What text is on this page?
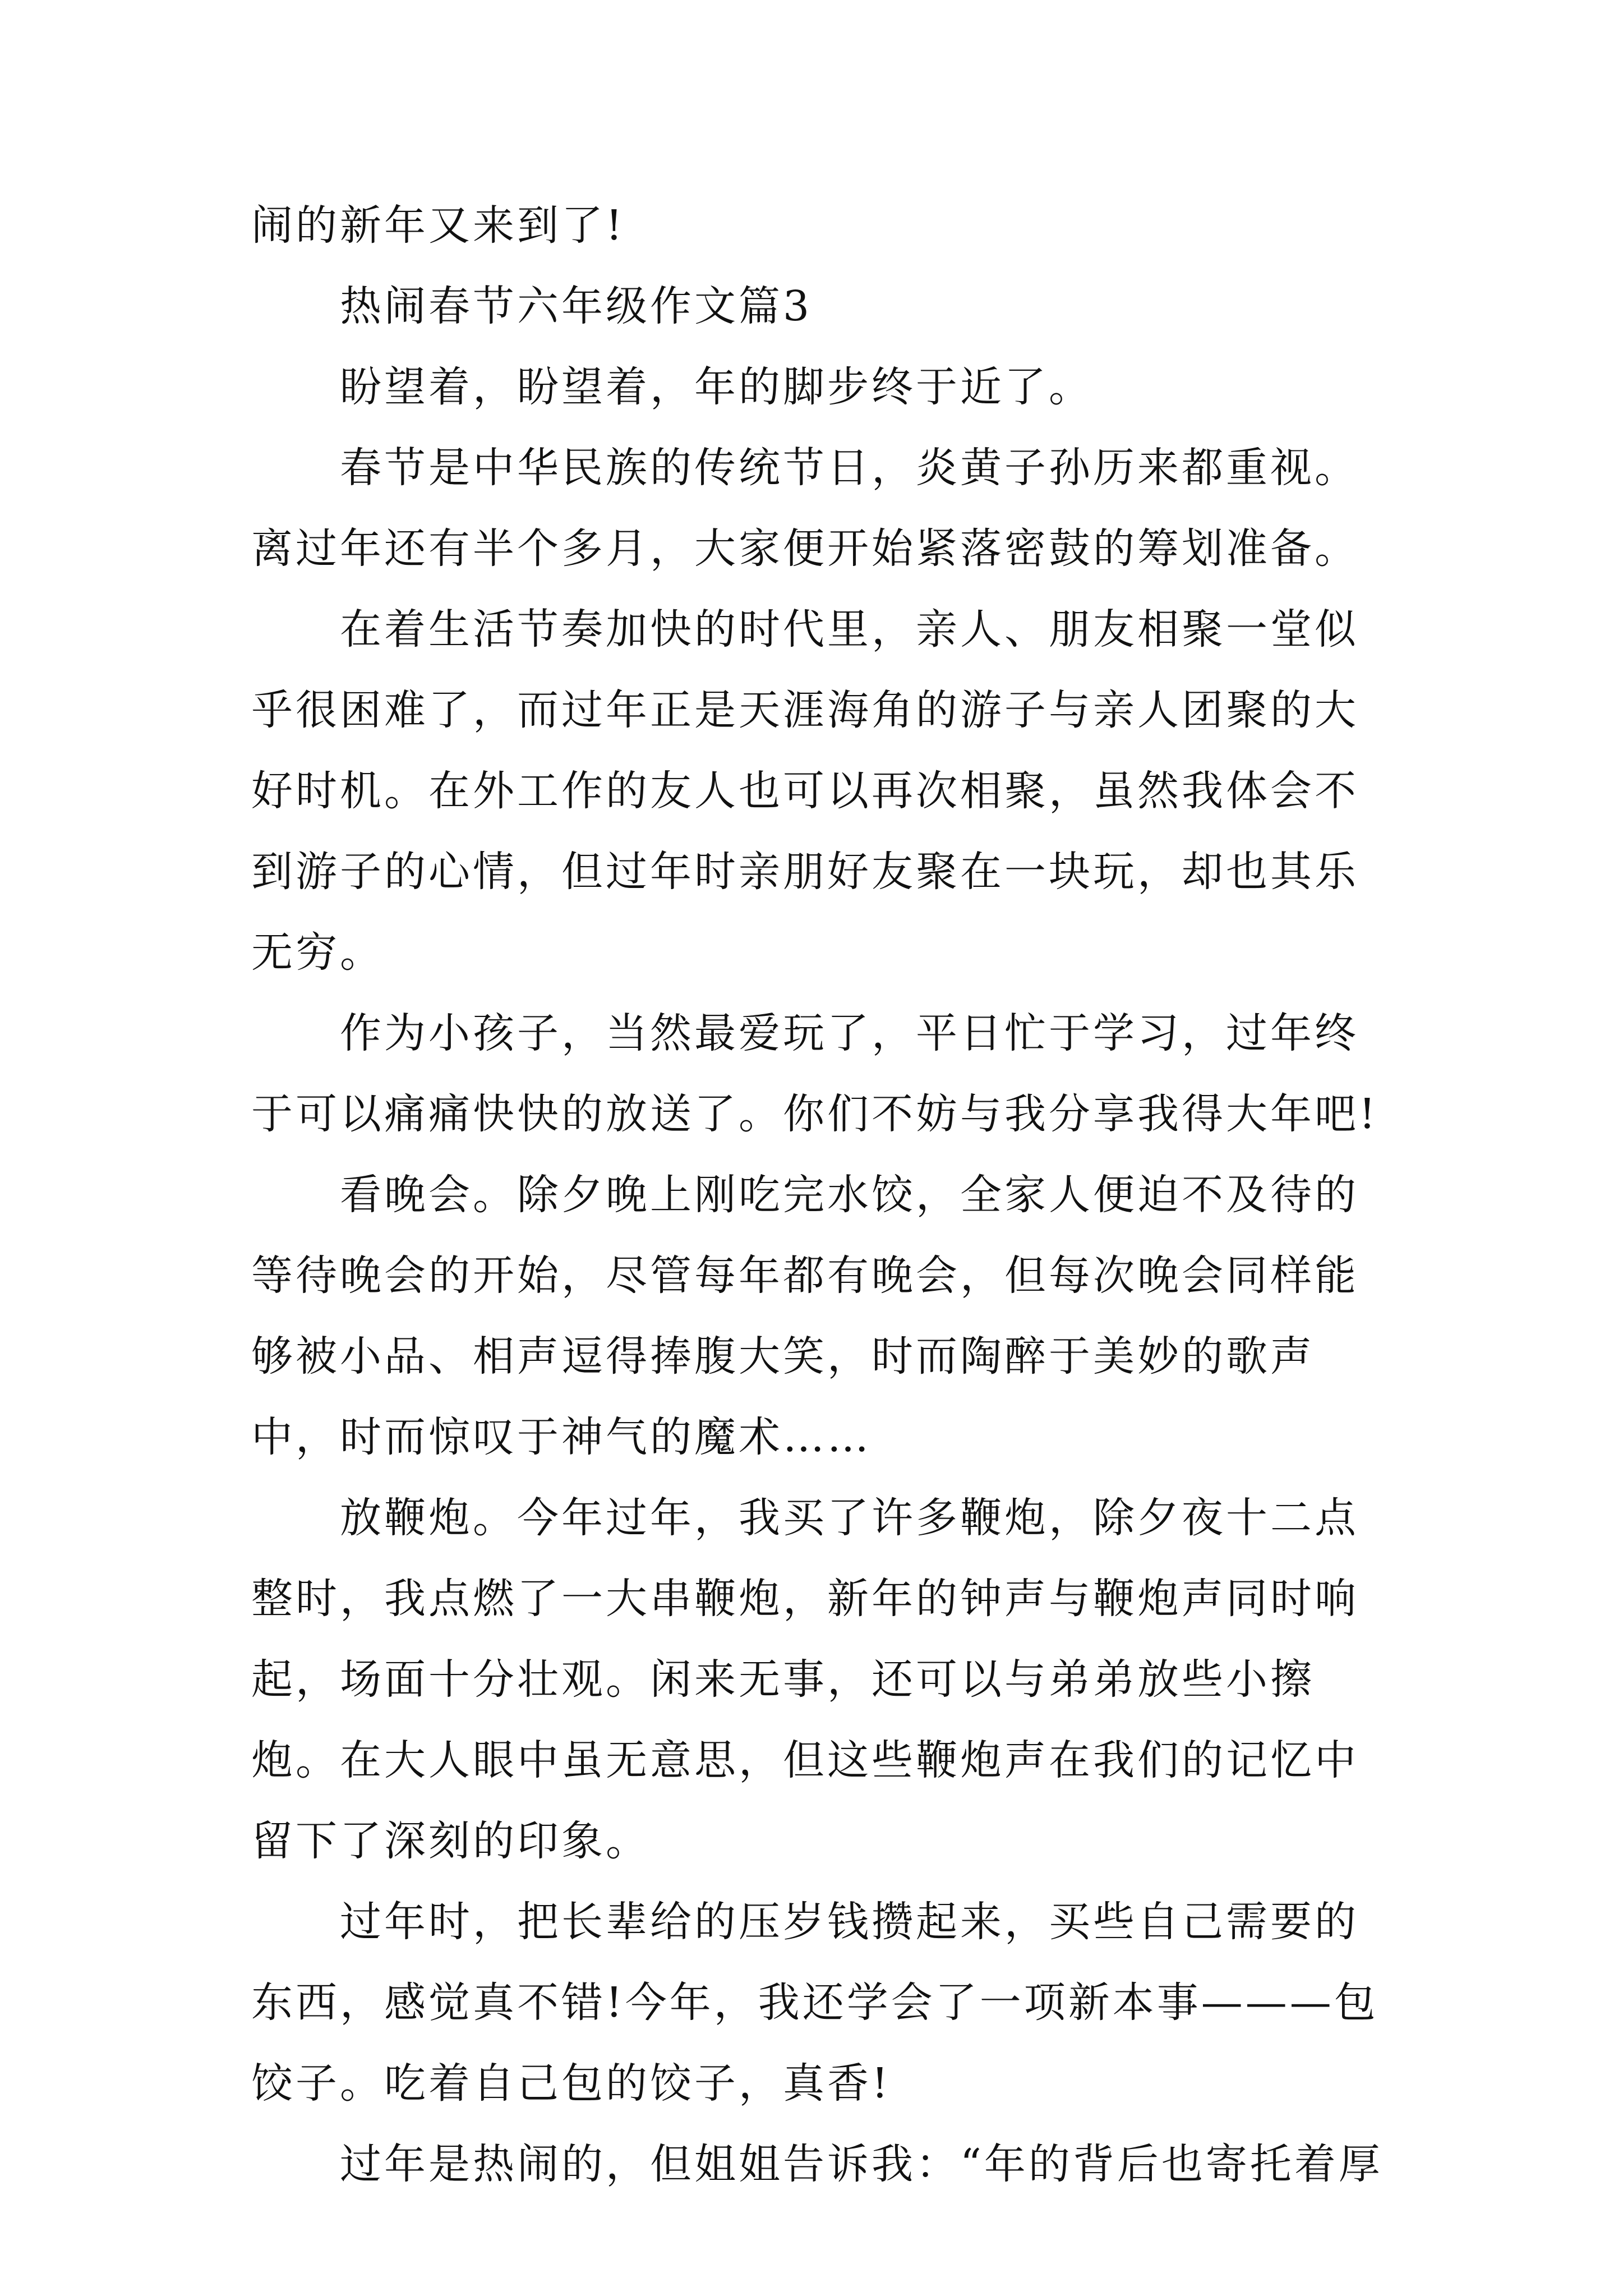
闹的新年又来到了!

热闹春节六年级作文篇3

盼望着，盼望着，年的脚步终于近了。

春节是中华民族的传统节日，炎黄子孙历来都重视。离过年还有半个多月，大家便开始紧落密鼓的筹划准备。

在着生活节奏加快的时代里，亲人、朋友相聚一堂似乎很困难了，而过年正是天涯海角的游子与亲人团聚的大好时机。在外工作的友人也可以再次相聚，虽然我体会不到游子的心情，但过年时亲朋好友聚在一块玩，却也其乐无穷。

作为小孩子，当然最爱玩了，平日忙于学习，过年终于可以痛痛快快的放送了。你们不妨与我分享我得大年吧!

看晚会。除夕晚上刚吃完水饺，全家人便迫不及待的等待晚会的开始，尽管每年都有晚会，但每次晚会同样能够被小品、相声逗得捧腹大笑，时而陶醉于美妙的歌声中，时而惊叹于神气的魔术……

放鞭炮。今年过年，我买了许多鞭炮，除夕夜十二点整时，我点燃了一大串鞭炮，新年的钟声与鞭炮声同时响起，场面十分壮观。闲来无事，还可以与弟弟放些小擦炮。在大人眼中虽无意思，但这些鞭炮声在我们的记忆中留下了深刻的印象。

过年时，把长辈给的压岁钱攒起来，买些自己需要的东西，感觉真不错!今年，我还学会了一项新本事———包饺子。吃着自己包的饺子，真香!

过年是热闹的，但姐姐告诉我：“年的背后也寄托着厚
